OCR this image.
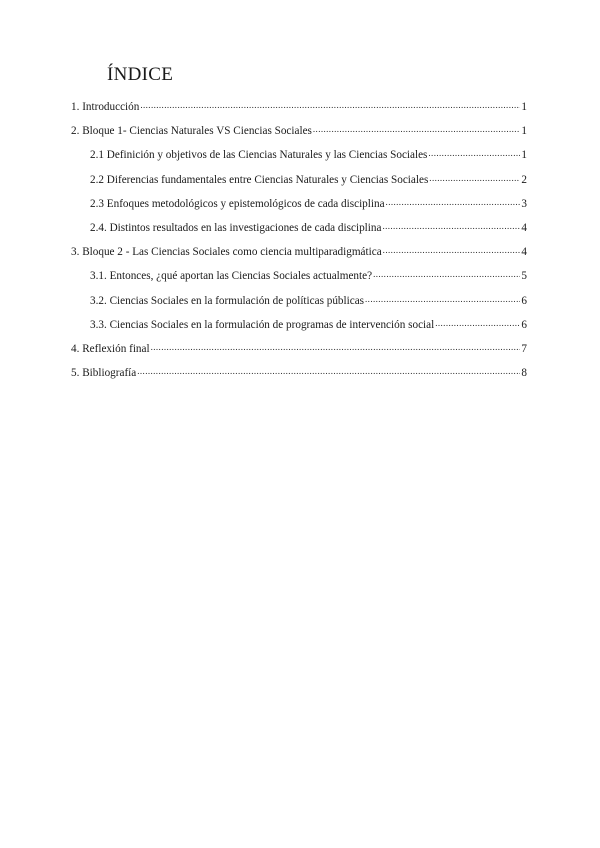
ÍNDICE
1. Introducción .....	1
2. Bloque 1- Ciencias Naturales VS Ciencias Sociales .....	1
2.1 Definición y objetivos de las Ciencias Naturales y las Ciencias Sociales .....	1
2.2 Diferencias fundamentales entre Ciencias Naturales y Ciencias Sociales .....	2
2.3 Enfoques metodológicos y epistemológicos de cada disciplina .....	3
2.4. Distintos resultados en las investigaciones de cada disciplina .....	4
3. Bloque 2 - Las Ciencias Sociales como ciencia multiparadigmática .....	4
3.1. Entonces, ¿qué aportan las Ciencias Sociales actualmente? .....	5
3.2. Ciencias Sociales en la formulación de políticas públicas .....	6
3.3. Ciencias Sociales en la formulación de programas de intervención social .....	6
4. Reflexión final .....	7
5. Bibliografía .....	8
